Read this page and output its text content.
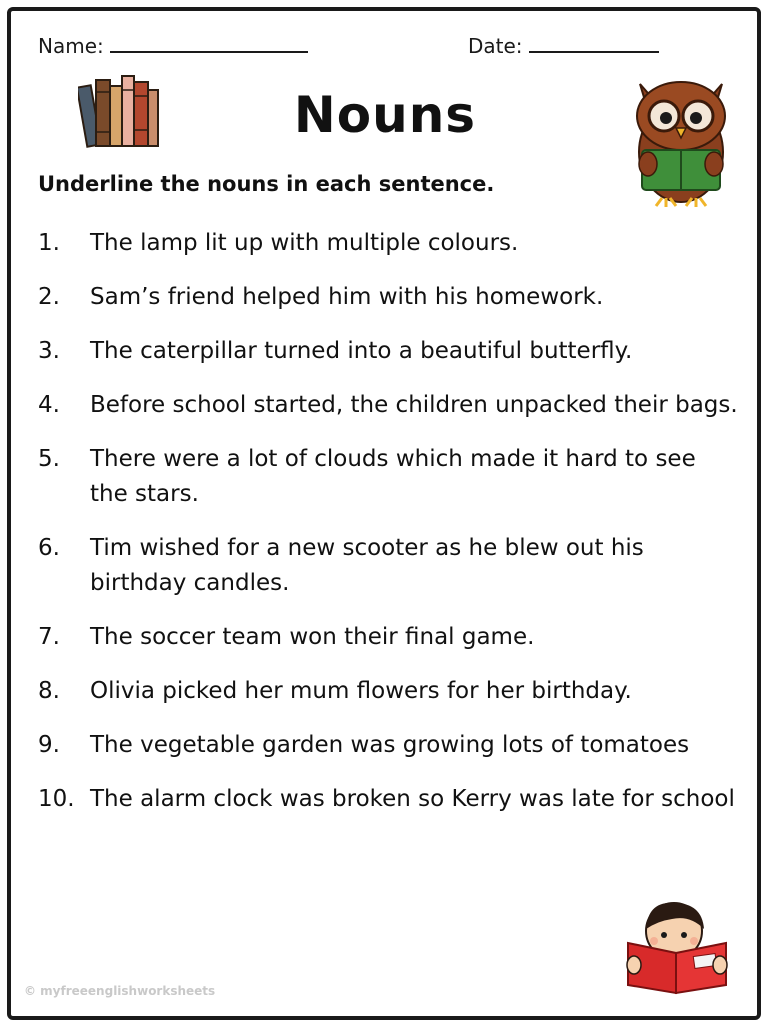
Name:	Date:
Nouns
Underline the nouns in each sentence.
1.	The lamp lit up with multiple colours.
2.	Sam’s friend helped him with his homework.
3.	The caterpillar turned into a beautiful butterfly.
4.	Before school started, the children unpacked their bags.
5.	There were a lot of clouds which made it hard to see the stars.
6.	Tim wished for a new scooter as he blew out his birthday candles.
7.	The soccer team won their final game.
8.	Olivia picked her mum flowers for her birthday.
9.	The vegetable garden was growing lots of tomatoes
10. The alarm clock was broken so Kerry was late for school
© myfreeenglishworksheets
